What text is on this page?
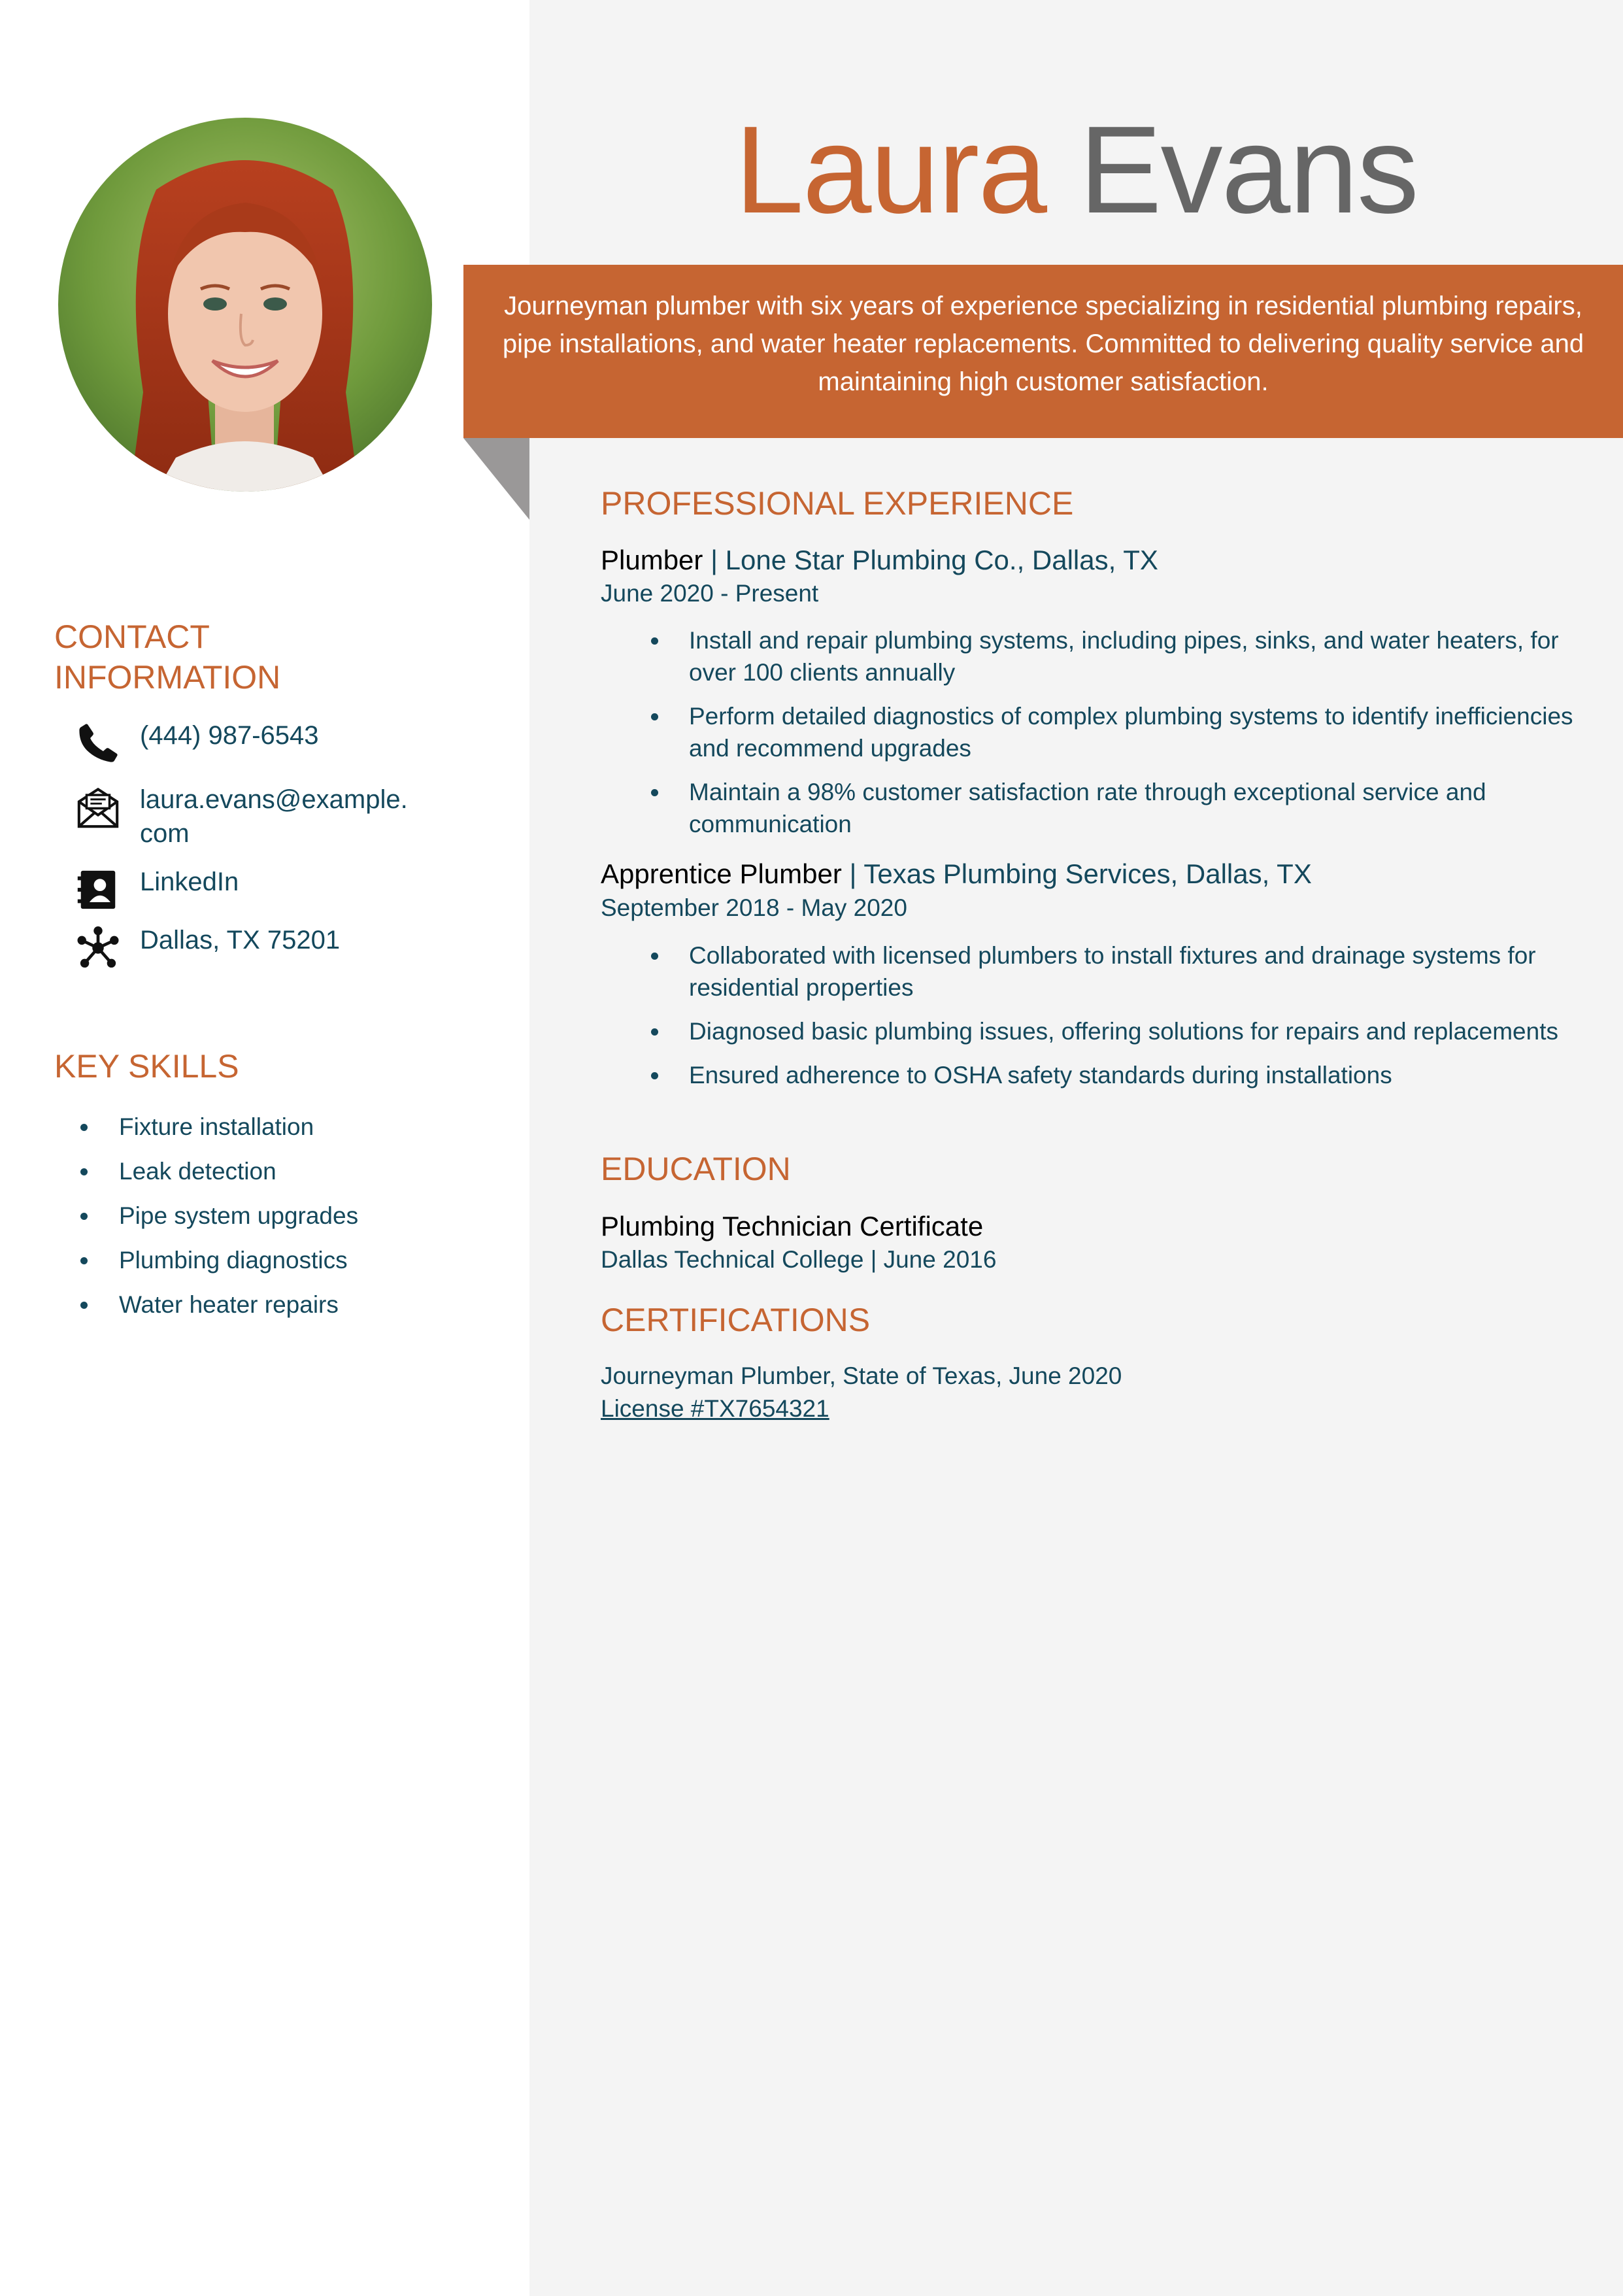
Laura Evans
Journeyman plumber with six years of experience specializing in residential plumbing repairs, pipe installations, and water heater replacements. Committed to delivering quality service and maintaining high customer satisfaction.
CONTACT
INFORMATION
(444) 987-6543
laura.evans@example.
com
LinkedIn
Dallas, TX 75201
KEY SKILLS
Fixture installation
Leak detection
Pipe system upgrades
Plumbing diagnostics
Water heater repairs
PROFESSIONAL EXPERIENCE
Plumber | Lone Star Plumbing Co., Dallas, TX
June 2020 - Present
Install and repair plumbing systems, including pipes, sinks, and water heaters, for over 100 clients annually
Perform detailed diagnostics of complex plumbing systems to identify inefficiencies and recommend upgrades
Maintain a 98% customer satisfaction rate through exceptional service and communication
Apprentice Plumber | Texas Plumbing Services, Dallas, TX
September 2018 - May 2020
Collaborated with licensed plumbers to install fixtures and drainage systems for residential properties
Diagnosed basic plumbing issues, offering solutions for repairs and replacements
Ensured adherence to OSHA safety standards during installations
EDUCATION
Plumbing Technician Certificate
Dallas Technical College | June 2016
CERTIFICATIONS
Journeyman Plumber, State of Texas, June 2020
License #TX7654321
